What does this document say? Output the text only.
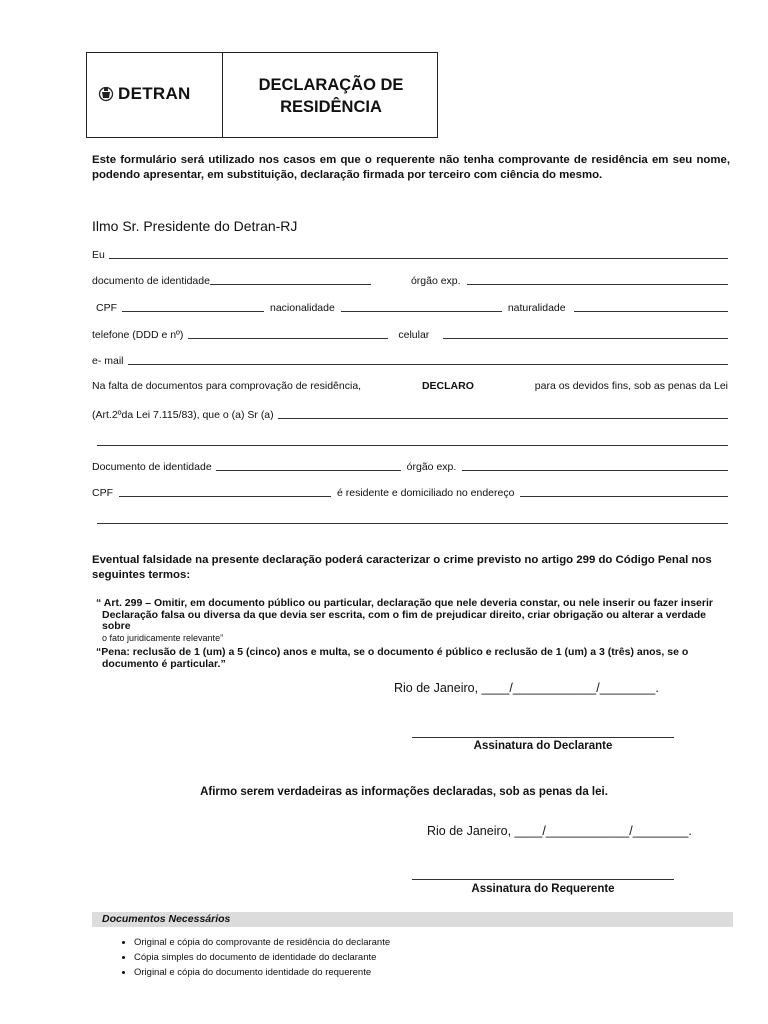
DETRAN	DECLARAÇÃO DE
RESIDÊNCIA
Este formulário será utilizado nos casos em que o requerente não tenha comprovante de residência em seu nome, podendo apresentar, em substituição, declaração firmada por terceiro com ciência do mesmo.
Ilmo Sr. Presidente do Detran-RJ
Eu
documento de identidade	órgão exp.
CPF	nacionalidade	naturalidade
telefone (DDD e nº)	celular
e- mail
Na falta de documentos para comprovação de residência,	DECLARO	para os devidos fins, sob as penas da Lei
(Art.2ºda Lei 7.115/83), que o (a) Sr (a)
Documento de identidade	órgão exp.
CPF	é residente e domiciliado no endereço
Eventual falsidade na presente declaração poderá caracterizar o crime previsto no artigo 299 do Código Penal nos seguintes termos:
“ Art. 299 – Omitir, em documento público ou particular, declaração que nele deveria constar, ou nele inserir ou fazer inserir
Declaração falsa ou diversa da que devia ser escrita, com o fim de prejudicar direito, criar obrigação ou alterar a verdade sobre
o fato juridicamente relevante”
“Pena: reclusão de 1 (um) a 5 (cinco) anos e multa, se o documento é público e reclusão de 1 (um) a 3 (três) anos, se o
documento é particular.”
Rio de Janeiro, ____/____________/________.
Assinatura do Declarante
Afirmo serem verdadeiras as informações declaradas, sob as penas da lei.
Rio de Janeiro, ____/____________/________.
Assinatura do Requerente
Documentos Necessários
• Original e cópia do comprovante de residência do declarante
• Cópia simples do documento de identidade do declarante
• Original e cópia do documento identidade do requerente
